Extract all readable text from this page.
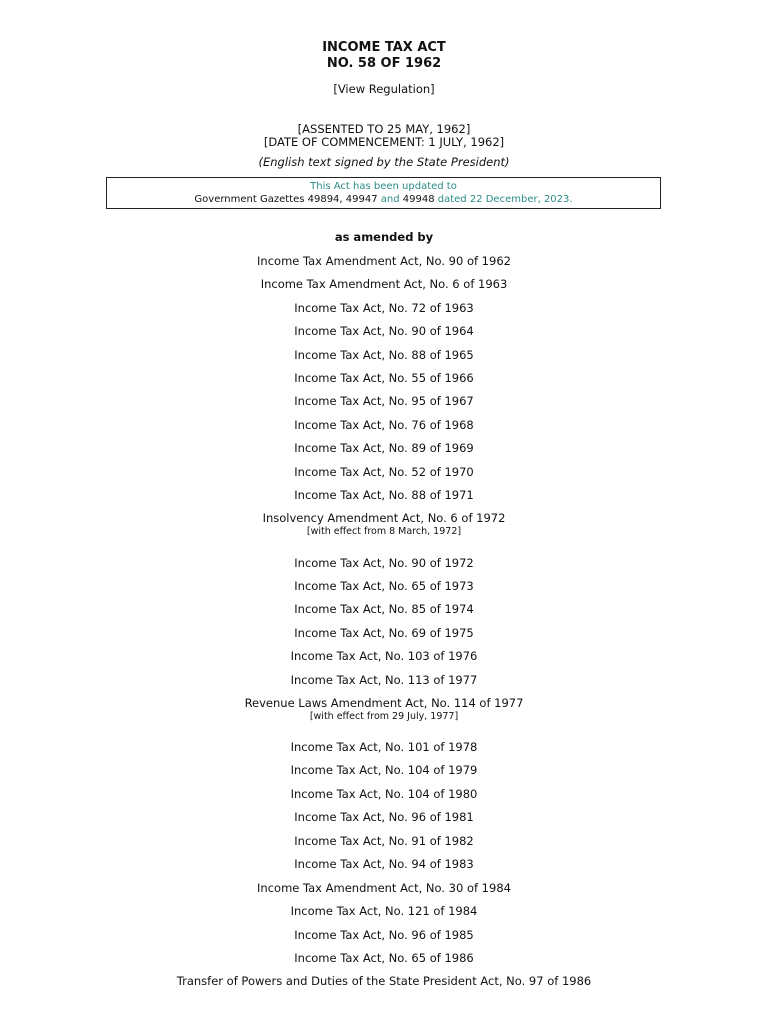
INCOME TAX ACT
NO. 58 OF 1962
[View Regulation]
[ASSENTED TO 25 MAY, 1962]
[DATE OF COMMENCEMENT: 1 JULY, 1962]
(English text signed by the State President)
This Act has been updated to
Government Gazettes 49894, 49947 and 49948 dated 22 December, 2023.
as amended by
Income Tax Amendment Act, No. 90 of 1962
Income Tax Amendment Act, No. 6 of 1963
Income Tax Act, No. 72 of 1963
Income Tax Act, No. 90 of 1964
Income Tax Act, No. 88 of 1965
Income Tax Act, No. 55 of 1966
Income Tax Act, No. 95 of 1967
Income Tax Act, No. 76 of 1968
Income Tax Act, No. 89 of 1969
Income Tax Act, No. 52 of 1970
Income Tax Act, No. 88 of 1971
Insolvency Amendment Act, No. 6 of 1972
[with effect from 8 March, 1972]
Income Tax Act, No. 90 of 1972
Income Tax Act, No. 65 of 1973
Income Tax Act, No. 85 of 1974
Income Tax Act, No. 69 of 1975
Income Tax Act, No. 103 of 1976
Income Tax Act, No. 113 of 1977
Revenue Laws Amendment Act, No. 114 of 1977
[with effect from 29 July, 1977]
Income Tax Act, No. 101 of 1978
Income Tax Act, No. 104 of 1979
Income Tax Act, No. 104 of 1980
Income Tax Act, No. 96 of 1981
Income Tax Act, No. 91 of 1982
Income Tax Act, No. 94 of 1983
Income Tax Amendment Act, No. 30 of 1984
Income Tax Act, No. 121 of 1984
Income Tax Act, No. 96 of 1985
Income Tax Act, No. 65 of 1986
Transfer of Powers and Duties of the State President Act, No. 97 of 1986
